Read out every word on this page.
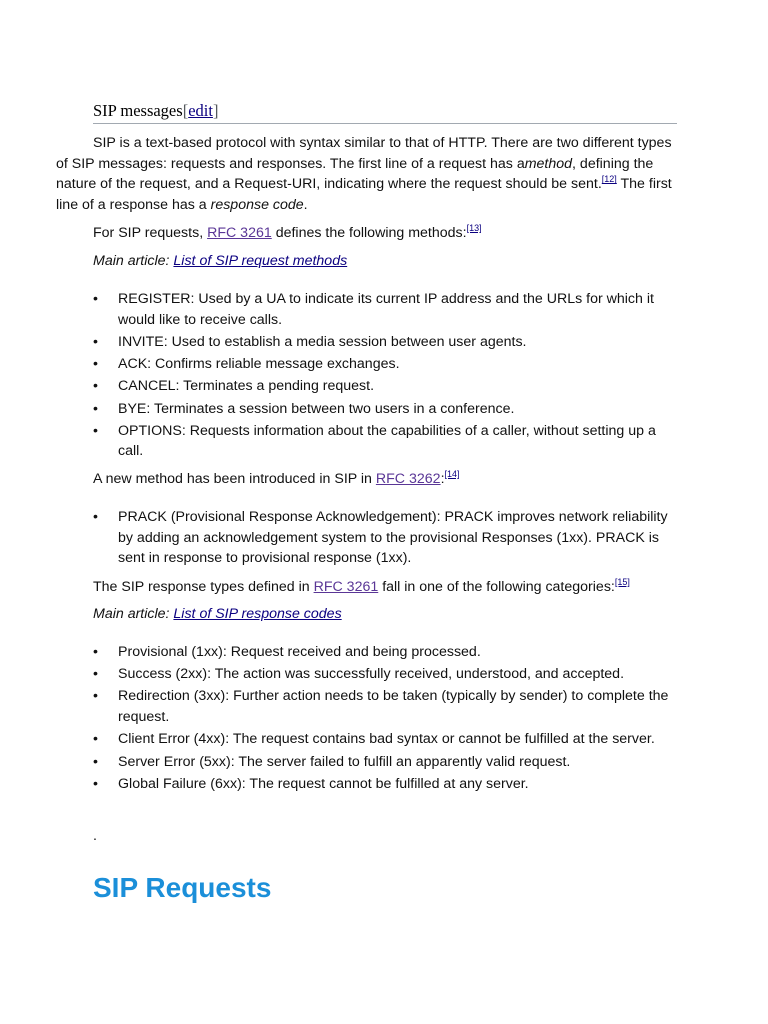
SIP messages[edit]

SIP is a text-based protocol with syntax similar to that of HTTP. There are two different types of SIP messages: requests and responses. The first line of a request has amethod, defining the nature of the request, and a Request-URI, indicating where the request should be sent.[12] The first line of a response has a response code.

For SIP requests, RFC 3261 defines the following methods:[13]
Main article: List of SIP request methods
• REGISTER: Used by a UA to indicate its current IP address and the URLs for which it would like to receive calls.
• INVITE: Used to establish a media session between user agents.
• ACK: Confirms reliable message exchanges.
• CANCEL: Terminates a pending request.
• BYE: Terminates a session between two users in a conference.
• OPTIONS: Requests information about the capabilities of a caller, without setting up a call.
A new method has been introduced in SIP in RFC 3262:[14]
• PRACK (Provisional Response Acknowledgement): PRACK improves network reliability by adding an acknowledgement system to the provisional Responses (1xx). PRACK is sent in response to provisional response (1xx).
The SIP response types defined in RFC 3261 fall in one of the following categories:[15]
Main article: List of SIP response codes
• Provisional (1xx): Request received and being processed.
• Success (2xx): The action was successfully received, understood, and accepted.
• Redirection (3xx): Further action needs to be taken (typically by sender) to complete the request.
• Client Error (4xx): The request contains bad syntax or cannot be fulfilled at the server.
• Server Error (5xx): The server failed to fulfill an apparently valid request.
• Global Failure (6xx): The request cannot be fulfilled at any server.
.
SIP Requests
